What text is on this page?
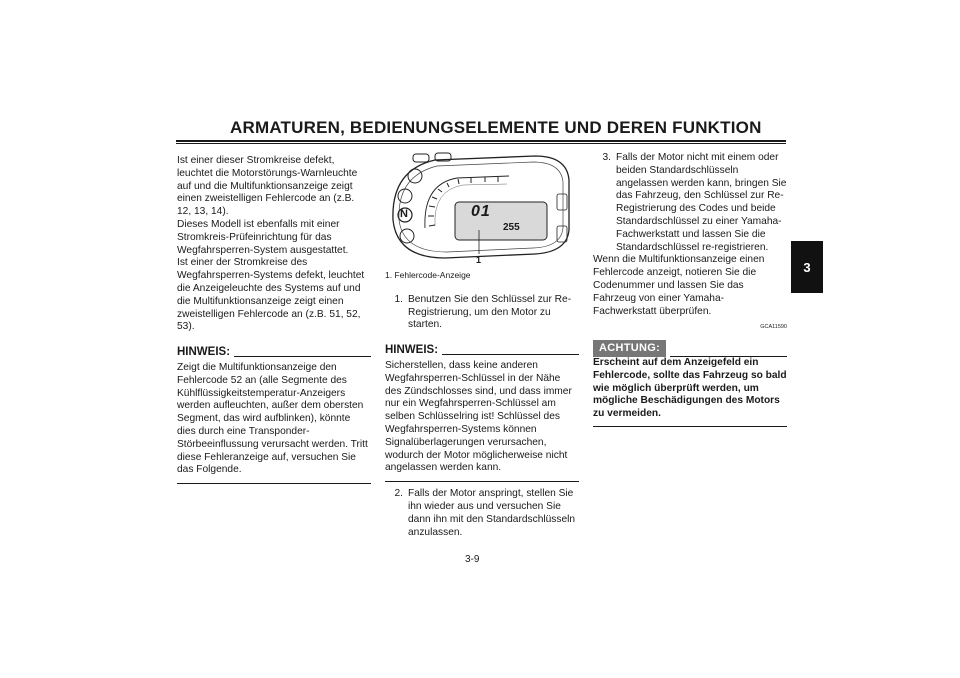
ARMATUREN, BEDIENUNGSELEMENTE UND DEREN FUNKTION
3

Ist einer dieser Stromkreise defekt, leuchtet die Motorstörungs-Warnleuchte auf und die Multifunktionsanzeige zeigt einen zweistelligen Fehlercode an (z.B. 12, 13, 14).

Dieses Modell ist ebenfalls mit einer Stromkreis-Prüfeinrichtung für das Wegfahrsperren-System ausgestattet.

Ist einer der Stromkreise des Wegfahrsperren-Systems defekt, leuchtet die Anzeigeleuchte des Systems auf und die Multifunktionsanzeige zeigt einen zweistelligen Fehlercode an (z.B. 51, 52, 53).

HINWEIS:

Zeigt die Multifunktionsanzeige den Fehlercode 52 an (alle Segmente des Kühlflüssigkeitstemperatur-Anzeigers werden aufleuchten, außer dem obersten Segment, das wird aufblinken), könnte dies durch eine Transponder-Störbeeinflussung verursacht werden. Tritt diese Fehleranzeige auf, versuchen Sie das Folgende.

N	01
255
1
1. Fehlercode-Anzeige
1. Benutzen Sie den Schlüssel zur Re-Registrierung, um den Motor zu starten.
HINWEIS:

Sicherstellen, dass keine anderen Wegfahrsperren-Schlüssel in der Nähe des Zündschlosses sind, und dass immer nur ein Wegfahrsperren-Schlüssel am selben Schlüsselring ist! Schlüssel des Wegfahrsperren-Systems können Signalüberlagerungen verursachen, wodurch der Motor möglicherweise nicht angelassen werden kann.

2. Falls der Motor anspringt, stellen Sie ihn wieder aus und versuchen Sie dann ihn mit den Standardschlüsseln anzulassen.
3. Falls der Motor nicht mit einem oder beiden Standardschlüsseln angelassen werden kann, bringen Sie das Fahrzeug, den Schlüssel zur Re-Registrierung des Codes und beide Standardschlüssel zu einer Yamaha-Fachwerkstatt und lassen Sie die Standardschlüssel re-registrieren.

Wenn die Multifunktionsanzeige einen Fehlercode anzeigt, notieren Sie die Codenummer und lassen Sie das Fahrzeug von einer Yamaha-Fachwerkstatt überprüfen.

GCA11590
ACHTUNG:

Erscheint auf dem Anzeigefeld ein Fehlercode, sollte das Fahrzeug so bald wie möglich überprüft werden, um mögliche Beschädigungen des Motors zu vermeiden.

3-9
